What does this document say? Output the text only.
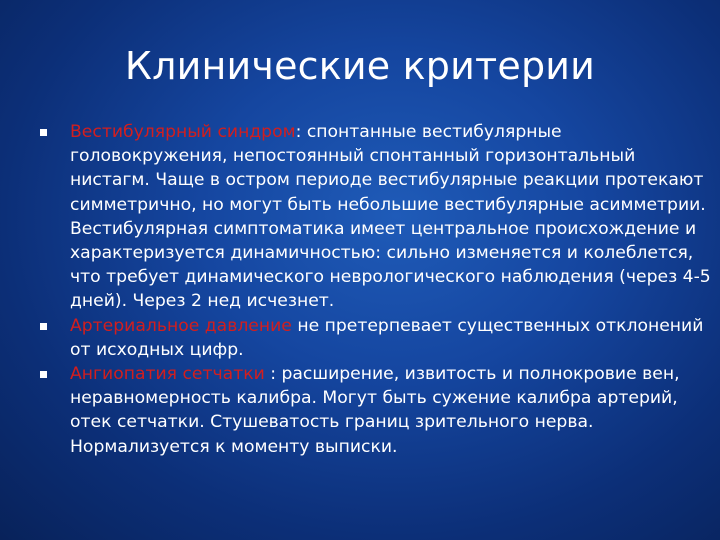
Клинические критерии
Вестибулярный синдром: спонтанные вестибулярные головокружения, непостоянный спонтанный горизонтальный нистагм. Чаще в остром периоде вестибулярные реакции протекают симметрично, но могут быть небольшие вестибулярные асимметрии. Вестибулярная симптоматика имеет центральное происхождение и характеризуется динамичностью: сильно изменяется и колеблется, что требует динамического неврологического наблюдения (через 4-5 дней). Через 2 нед исчезнет.
Артериальное давление не претерпевает существенных отклонений от исходных цифр.
Ангиопатия сетчатки : расширение, извитость и полнокровие вен, неравномерность калибра. Могут быть сужение калибра артерий, отек сетчатки. Стушеватость границ зрительного нерва. Нормализуется к моменту выписки.
